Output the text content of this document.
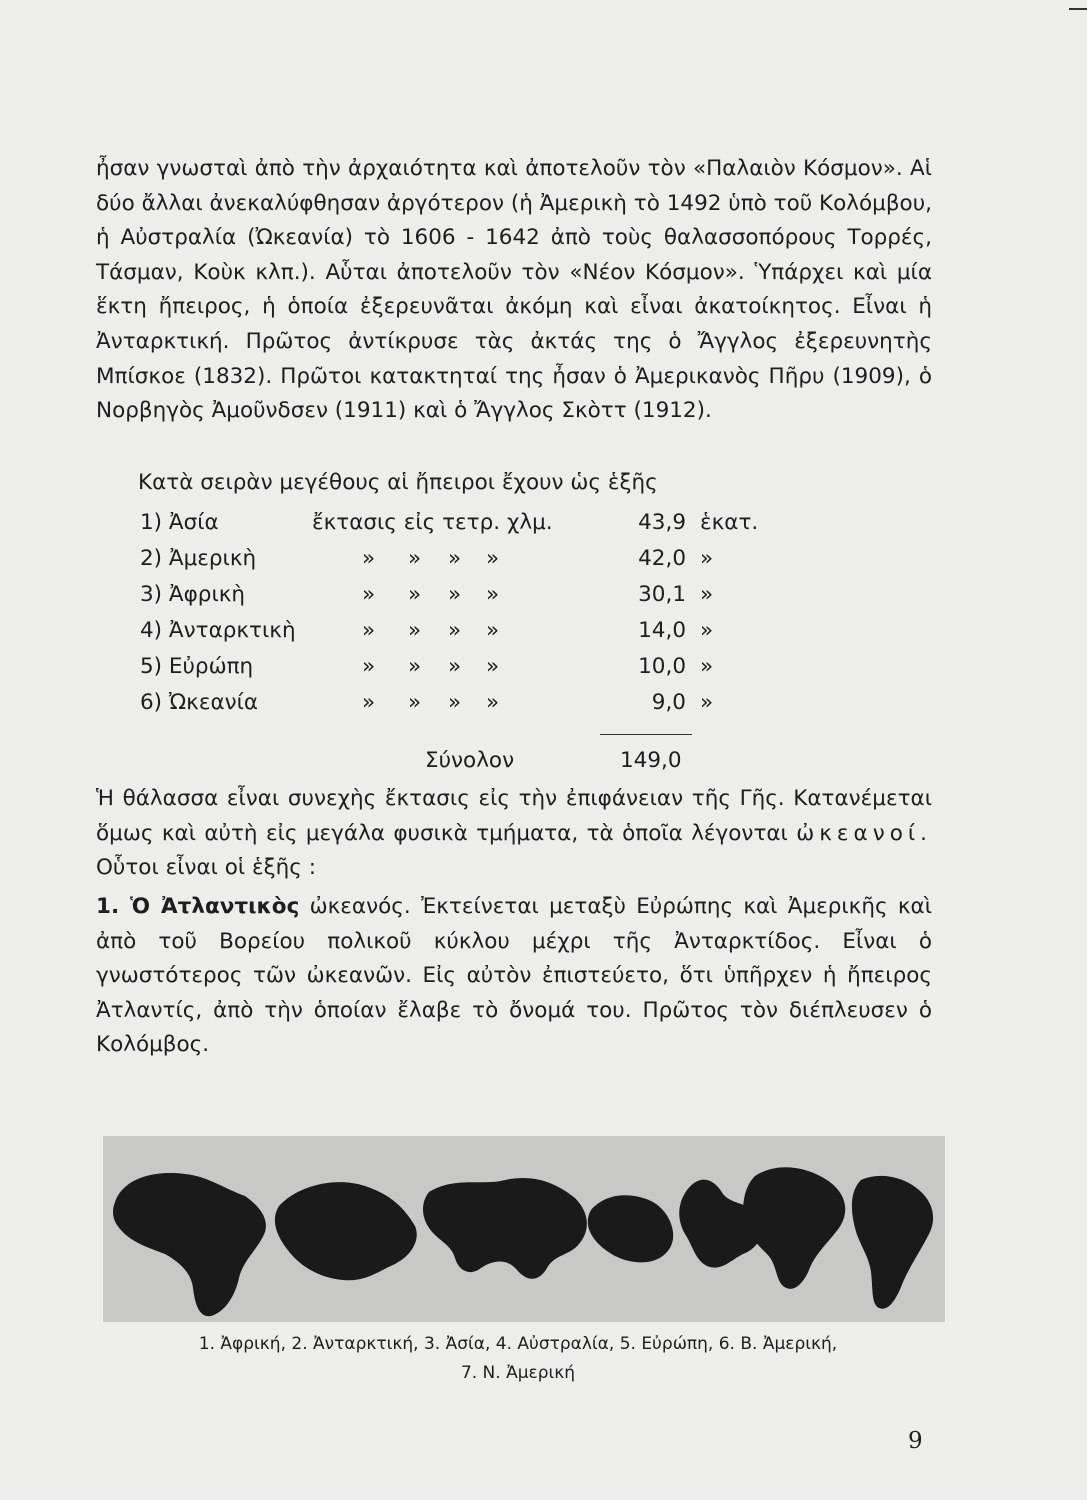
ἦσαν γνωσταὶ ἀπὸ τὴν ἀρχαιότητα καὶ ἀποτελοῦν τὸν «Παλαιὸν Κόσμον». Αἱ δύο ἄλλαι ἀνεκαλύφθησαν ἀργότερον (ἡ Ἀμερικὴ τὸ 1492 ὑπὸ τοῦ Κολόμβου, ἡ Αὐστραλία (Ὠκεανία) τὸ 1606 - 1642 ἀπὸ τοὺς θαλασσοπόρους Τορρές, Τάσμαν, Κοὺκ κλπ.). Αὗται ἀποτελοῦν τὸν «Νέον Κόσμον». Ὑπάρχει καὶ μία ἕκτη ἤπειρος, ἡ ὁποία ἐξερευνᾶται ἀκόμη καὶ εἶναι ἀκατοίκητος. Εἶναι ἡ Ἀνταρκτική. Πρῶτος ἀντίκρυσε τὰς ἀκτάς της ὁ Ἄγγλος ἐξερευνητὴς Μπίσκοε (1832). Πρῶτοι κατακτηταί της ἦσαν ὁ Ἀμερικανὸς Πῆρυ (1909), ὁ Νορβηγὸς Ἀμοῦνδσεν (1911) καὶ ὁ Ἄγγλος Σκὸττ (1912).

Κατὰ σειρὰν μεγέθους αἱ ἤπειροι ἔχουν ὡς ἑξῆς
1) Ἀσία	ἔκτασις εἰς τετρ. χλμ.	43,9 ἑκατ.
2) Ἀμερικὴ	» » » »	42,0 »
3) Ἀφρικὴ	» » » »	30,1 »
4) Ἀνταρκτικὴ	» » » »	14,0 »
5) Εὐρώπη	» » » »	10,0 »
6) Ὠκεανία	» » » »	9,0 »
Σύνολον	149,0

Ἡ θάλασσα εἶναι συνεχὴς ἔκτασις εἰς τὴν ἐπιφάνειαν τῆς Γῆς. Κατανέμεται ὅμως καὶ αὐτὴ εἰς μεγάλα φυσικὰ τμήματα, τὰ ὁποῖα λέγονται ὠκεανοί. Οὗτοι εἶναι οἱ ἑξῆς :

1. Ὁ Ἀτλαντικὸς ὠκεανός. Ἐκτείνεται μεταξὺ Εὐρώπης καὶ Ἀμερικῆς καὶ ἀπὸ τοῦ Βορείου πολικοῦ κύκλου μέχρι τῆς Ἀνταρκτίδος. Εἶναι ὁ γνωστότερος τῶν ὠκεανῶν. Εἰς αὐτὸν ἐπιστεύετο, ὅτι ὑπῆρχεν ἡ ἤπειρος Ἀτλαντίς, ἀπὸ τὴν ὁποίαν ἔλαβε τὸ ὄνομά του. Πρῶτος τὸν διέπλευσεν ὁ Κολόμβος.

1. Ἀφρική, 2. Ἀνταρκτική, 3. Ἀσία, 4. Αὐστραλία, 5. Εὐρώπη, 6. Β. Ἀμερική,
7. Ν. Ἀμερική
9
